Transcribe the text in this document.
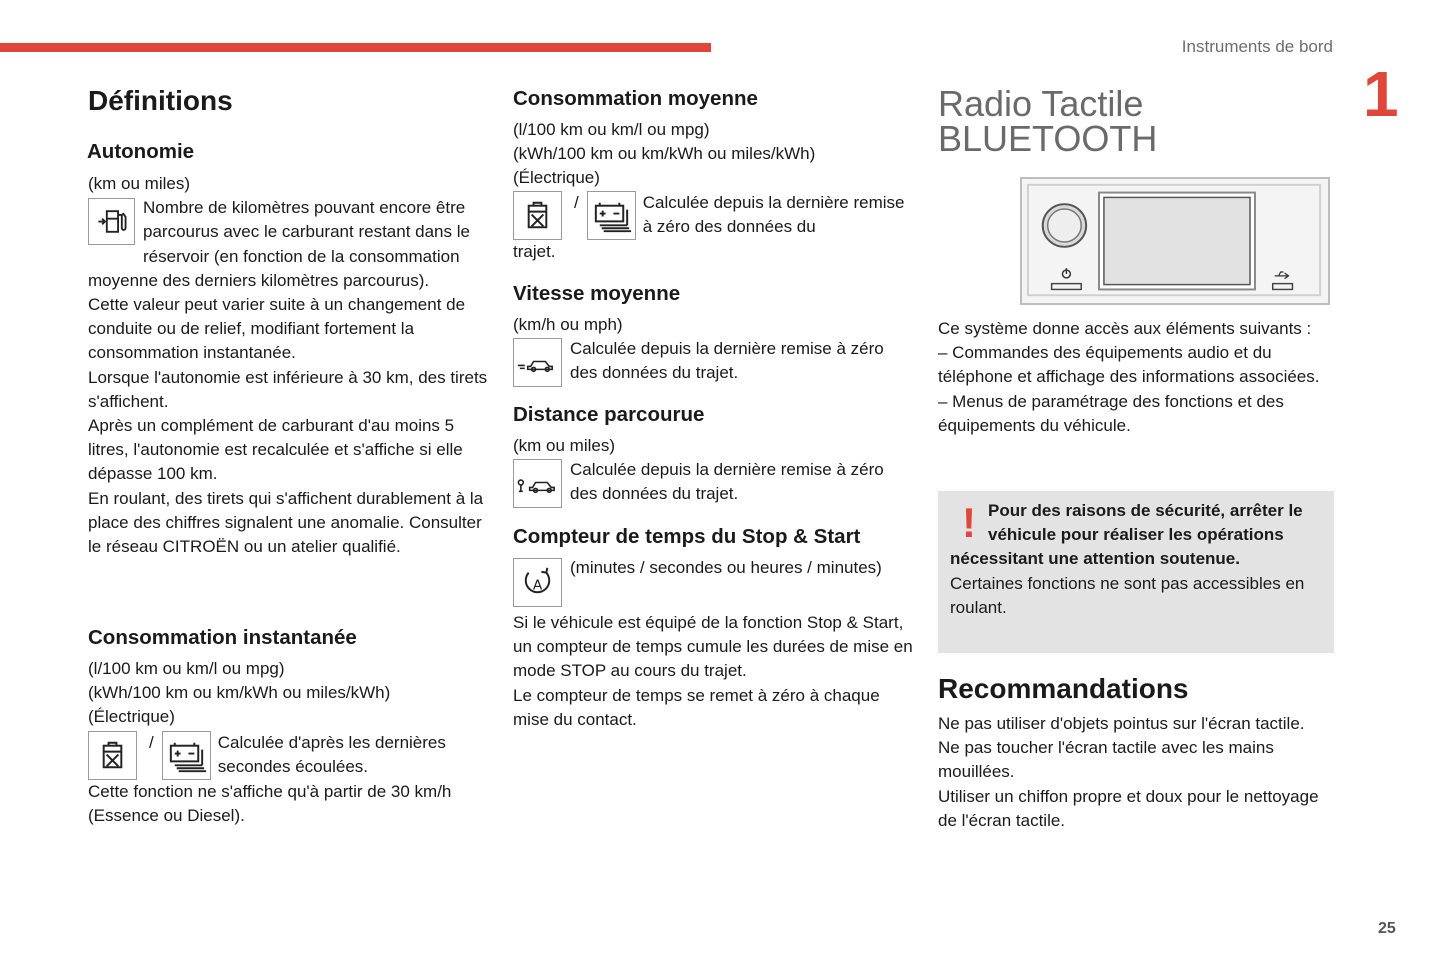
Instruments de bord
1
25
Définitions
Autonomie

(km ou miles)

Nombre de kilomètres pouvant encore être parcourus avec le carburant restant dans le réservoir (en fonction de la consommation moyenne des derniers kilomètres parcourus).

Cette valeur peut varier suite à un changement de conduite ou de relief, modifiant fortement la consommation instantanée.

Lorsque l'autonomie est inférieure à 30 km, des tirets s'affichent.

Après un complément de carburant d'au moins 5 litres, l'autonomie est recalculée et s'affiche si elle dépasse 100 km.

En roulant, des tirets qui s'affichent durablement à la place des chiffres signalent une anomalie. Consulter le réseau CITROËN ou un atelier qualifié.

Consommation instantanée

(l/100 km ou km/l ou mpg)

(kWh/100 km ou km/kWh ou miles/kWh)

(Électrique)

/	Calculée d'après les dernières secondes écoulées.

Cette fonction ne s'affiche qu'à partir de 30 km/h (Essence ou Diesel).

Consommation moyenne

(l/100 km ou km/l ou mpg)

(kWh/100 km ou km/kWh ou miles/kWh)

(Électrique)

/	Calculée depuis la dernière remise à zéro des données du

trajet.

Vitesse moyenne

(km/h ou mph)

Calculée depuis la dernière remise à zéro des données du trajet.

Distance parcourue

(km ou miles)

Calculée depuis la dernière remise à zéro des données du trajet.

Compteur de temps du Stop & Start
A

(minutes / secondes ou heures / minutes)

Si le véhicule est équipé de la fonction Stop & Start, un compteur de temps cumule les durées de mise en mode STOP au cours du trajet.

Le compteur de temps se remet à zéro à chaque mise du contact.

Radio Tactile
BLUETOOTH

Ce système donne accès aux éléments suivants :

– Commandes des équipements audio et du téléphone et affichage des informations associées.

– Menus de paramétrage des fonctions et des équipements du véhicule.

! Pour des raisons de sécurité, arrêter le véhicule pour réaliser les opérations nécessitant une attention soutenue.

Certaines fonctions ne sont pas accessibles en roulant.

Recommandations

Ne pas utiliser d'objets pointus sur l'écran tactile.

Ne pas toucher l'écran tactile avec les mains mouillées.

Utiliser un chiffon propre et doux pour le nettoyage de l'écran tactile.
